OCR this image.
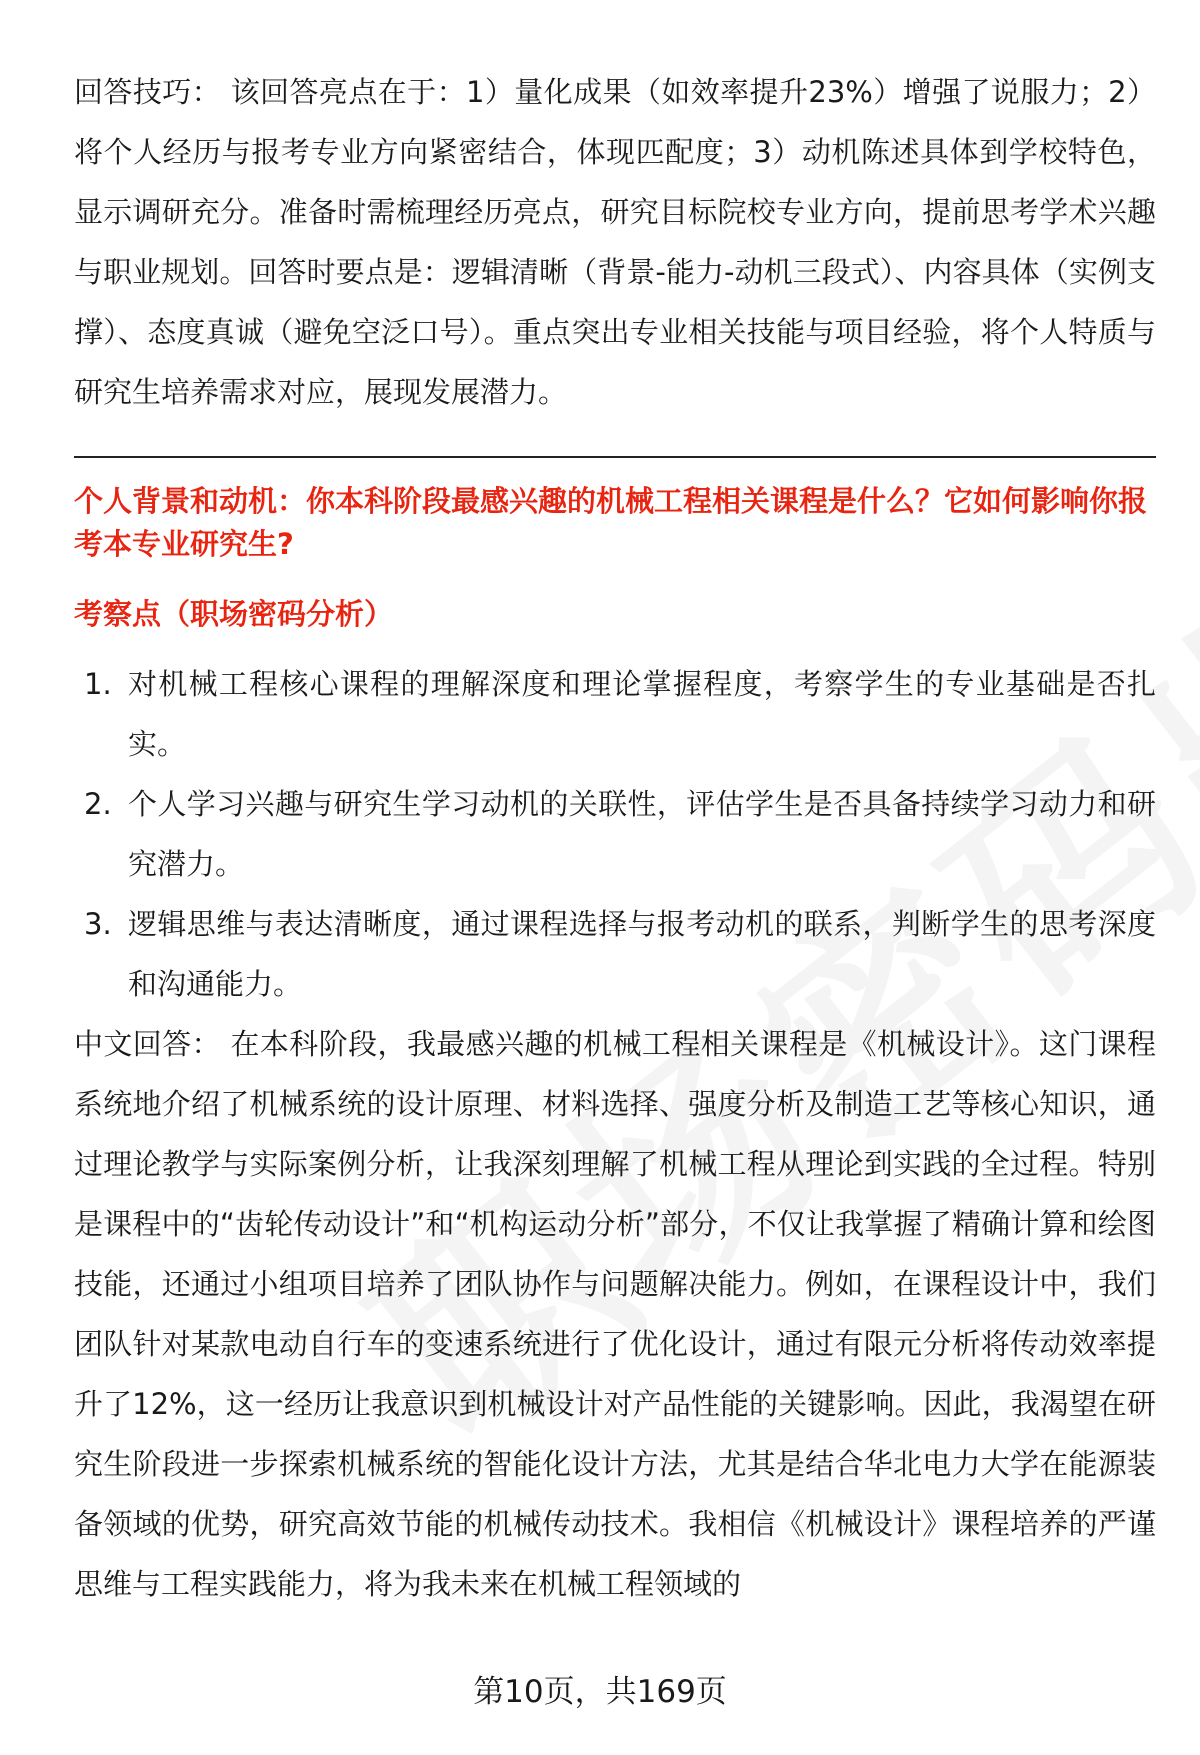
回答技巧： 该回答亮点在于：1）量化成果（如效率提升23%）增强了说服力；2）将个人经历与报考专业方向紧密结合，体现匹配度；3）动机陈述具体到学校特色，显示调研充分。准备时需梳理经历亮点，研究目标院校专业方向，提前思考学术兴趣与职业规划。回答时要点是：逻辑清晰（背景-能力-动机三段式）、内容具体（实例支撑）、态度真诚（避免空泛口号）。重点突出专业相关技能与项目经验，将个人特质与研究生培养需求对应，展现发展潜力。

个人背景和动机：你本科阶段最感兴趣的机械工程相关课程是什么？它如何影响你报考本专业研究生?
考察点（职场密码分析）
1. 对机械工程核心课程的理解深度和理论掌握程度，考察学生的专业基础是否扎实。
2. 个人学习兴趣与研究生学习动机的关联性，评估学生是否具备持续学习动力和研究潜力。
3. 逻辑思维与表达清晰度，通过课程选择与报考动机的联系，判断学生的思考深度和沟通能力。

中文回答： 在本科阶段，我最感兴趣的机械工程相关课程是《机械设计》。这门课程系统地介绍了机械系统的设计原理、材料选择、强度分析及制造工艺等核心知识，通过理论教学与实际案例分析，让我深刻理解了机械工程从理论到实践的全过程。特别是课程中的“齿轮传动设计”和“机构运动分析”部分，不仅让我掌握了精确计算和绘图技能，还通过小组项目培养了团队协作与问题解决能力。例如，在课程设计中，我们团队针对某款电动自行车的变速系统进行了优化设计，通过有限元分析将传动效率提升了12%，这一经历让我意识到机械设计对产品性能的关键影响。因此，我渴望在研究生阶段进一步探索机械系统的智能化设计方法，尤其是结合华北电力大学在能源装备领域的优势，研究高效节能的机械传动技术。我相信《机械设计》课程培养的严谨思维与工程实践能力，将为我未来在机械工程领域的

第10页，共169页
